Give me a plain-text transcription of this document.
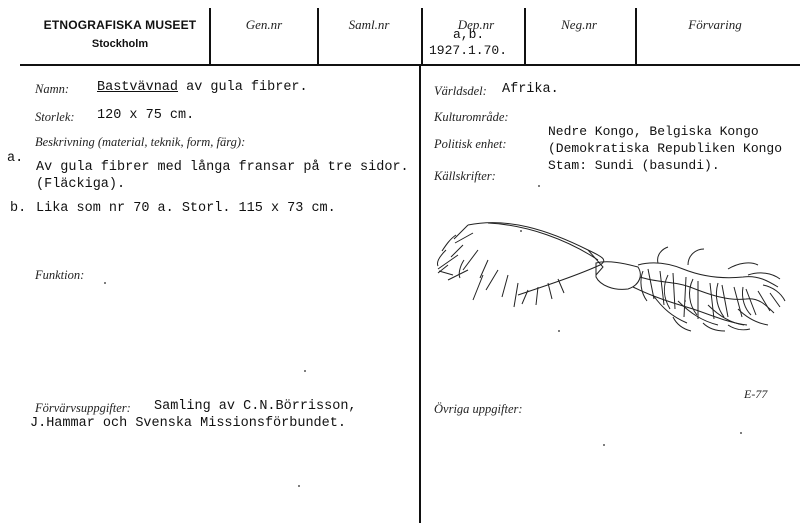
ETNOGRAFISKA MUSEET
Stockholm
Gen.nr	Saml.nr	Dep.nr
a,b.
1927.1.70.
Neg.nr	Förvaring
Namn: Bastvävnad av gula fibrer.
Storlek: 120 x 75 cm.
Beskrivning (material, teknik, form, färg):
a.
Av gula fibrer med långa fransar på tre sidor.
(Fläckiga).
b. Lika som nr 70 a. Storl. 115 x 73 cm.
Funktion:
Förvärvsuppgifter: Samling av C.N.Börrisson,
J.Hammar och Svenska Missionsförbundet.
Världsdel: Afrika.
Kulturområde:
Politisk enhet:
Nedre Kongo, Belgiska Kongo
(Demokratiska Republiken Kongo
Stam: Sundi (basundi).
Källskrifter:
E-77
Övriga uppgifter:
